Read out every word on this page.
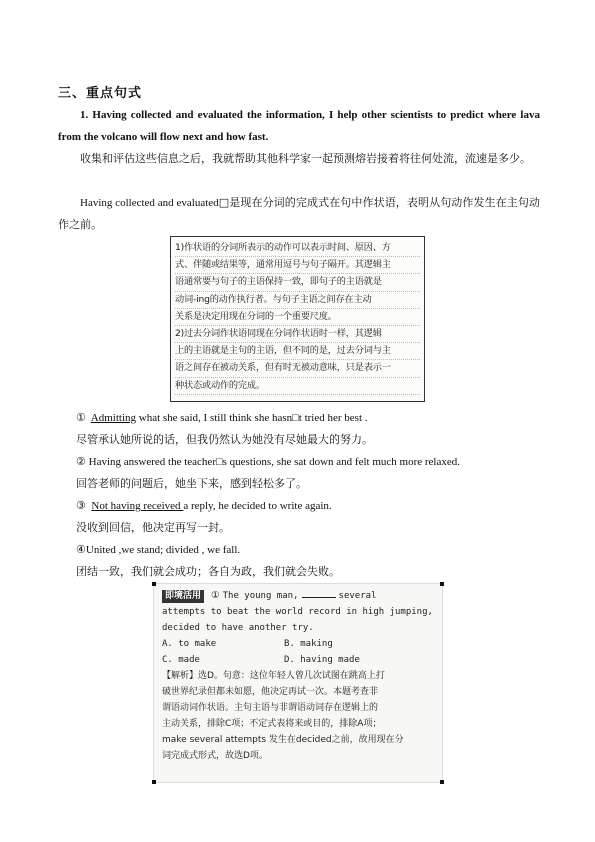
三、重点句式
1. Having collected and evaluated the information, I help other scientists to predict where lava from the volcano will flow next and how fast.
收集和评估这些信息之后，我就帮助其他科学家一起预测熔岩接着将往何处流，流速是多少。
Having collected and evaluated□是现在分词的完成式在句中作状语，表明从句动作发生在主句动作之前。
1)作状语的分词所表示的动作可以表示时间、原因、方
式、伴随或结果等，通常用逗号与句子隔开。其逻辑主
语通常要与句子的主语保持一致，即句子的主语就是
动词-ing的动作执行者。与句子主语之间存在主动
关系是决定用现在分词的一个重要尺度。
2)过去分词作状语同现在分词作状语时一样，其逻辑
上的主语就是主句的主语，但不同的是，过去分词与主
语之间存在被动关系，但有时无被动意味，只是表示一
种状态或动作的完成。
① Admitting what she said, I still think she hasn□t tried her best .
尽管承认她所说的话，但我仍然认为她没有尽她最大的努力。
② Having answered the teacher□s questions, she sat down and felt much more relaxed.
回答老师的问题后，她坐下来，感到轻松多了。
③ Not having received a reply, he decided to write again.
没收到回信，他决定再写一封。
④United ,we stand; divided , we fall.
团结一致，我们就会成功；各自为政，我们就会失败。
即境活用 ① The young man,	several
attempts to beat the world record in high jumping,
decided to have another try.
A. to make	B. making
C. made	D. having made
【解析】选D。句意：这位年轻人曾几次试图在跳高上打
破世界纪录但都未如愿，他决定再试一次。本题考查非
谓语动词作状语。主句主语与非谓语动词存在逻辑上的
主动关系，排除C项；不定式表将来或目的，排除A项；
make several attempts 发生在decided之前，故用现在分
词完成式形式，故选D项。
